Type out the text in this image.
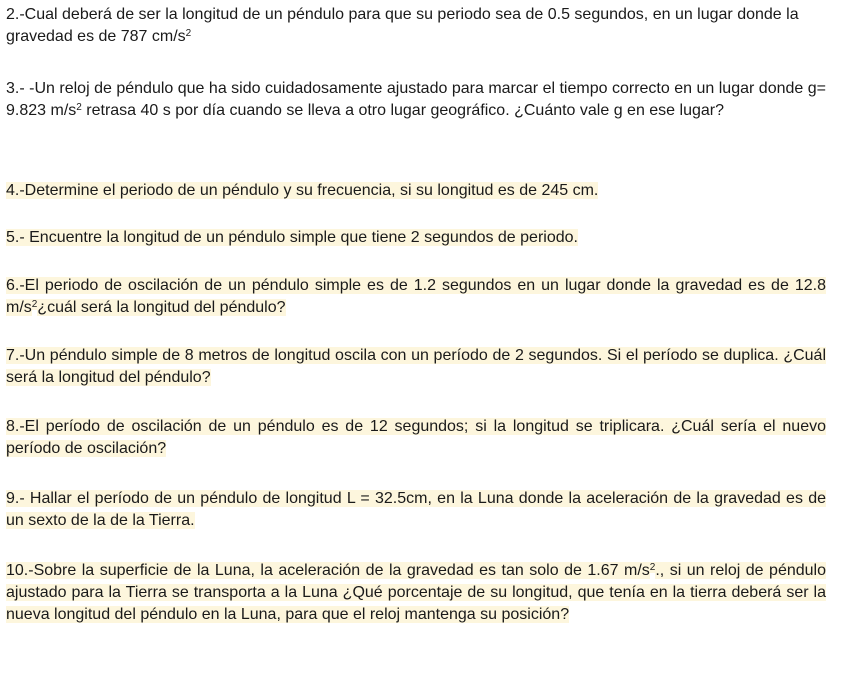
2.-Cual deberá de ser la longitud de un péndulo para que su periodo sea de 0.5 segundos, en un lugar donde la gravedad es de 787 $cm/s^2$
3.- -Un reloj de péndulo que ha sido cuidadosamente ajustado para marcar el tiempo correcto en un lugar donde g= 9.823 $m/s^2$ retrasa 40 s por día cuando se lleva a otro lugar geográfico. ¿Cuánto vale g en ese lugar?
4.-Determine el periodo de un péndulo y su frecuencia, si su longitud es de 245 cm.
5.- Encuentre la longitud de un péndulo simple que tiene 2 segundos de periodo.
6.-El periodo de oscilación de un péndulo simple es de 1.2 segundos en un lugar donde la gravedad es de 12.8 $m/s^2¿cuál$ será la longitud del péndulo?
7.-Un péndulo simple de 8 metros de longitud oscila con un período de 2 segundos. Si el período se duplica. ¿Cuál será la longitud del péndulo?
8.-El período de oscilación de un péndulo es de 12 segundos; si la longitud se triplicara. ¿Cuál sería el nuevo período de oscilación?
9.- Hallar el período de un péndulo de longitud L = 32.5cm, en la Luna donde la aceleración de la gravedad es de un sexto de la de la Tierra.
10.-Sobre la superficie de la Luna, la aceleración de la gravedad es tan solo de 1.67 $m/s^2$., si un reloj de péndulo ajustado para la Tierra se transporta a la Luna ¿Qué porcentaje de su longitud, que tenía en la tierra deberá ser la nueva longitud del péndulo en la Luna, para que el reloj mantenga su posición?
